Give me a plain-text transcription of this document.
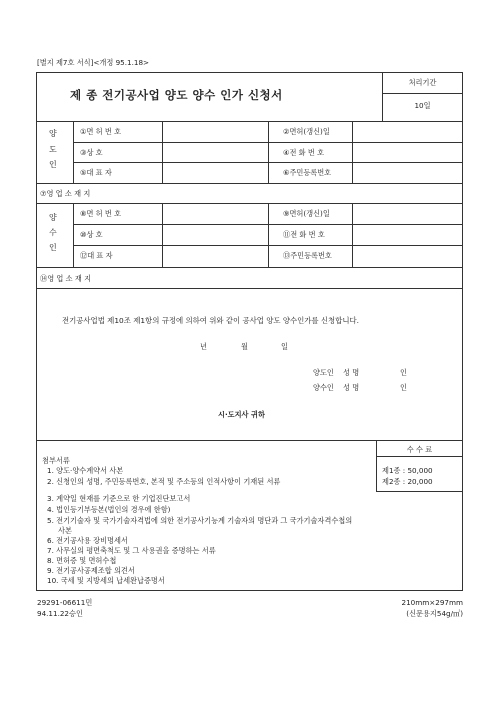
[별지 제7호 서식]<개정 95.1.18>
제 종 전기공사업 양도 양수 인가 신청서
처리기간
10일
양
도
인
①면 허 번 호	②면허(갱신)일
③상 호	④전 화 번 호
⑤대 표 자	⑥주민등록번호
⑦영 업 소 재 지
양
수
인
⑧면 허 번 호	⑨면허(갱신)일
⑩상 호	⑪전 화 번 호
⑫대 표 자	⑬주민등록번호
⑭영 업 소 재 지
전기공사업법 제10조 제1항의 규정에 의하여 위와 같이 공사업 양도 양수인가를 신청합니다.
년	월	일
양도인 성 명	인
양수인 성 명	인
시·도지사 귀하
수 수 료
제1종 : 50,000
제2종 : 20,000
첨부서류
1. 양도·양수계약서 사본
2. 신청인의 성명, 주민등록번호, 본적 및 주소등의 인적사항이 기재된 서류
3. 계약일 현재를 기준으로 한 기업진단보고서
4. 법인등기부등본(법인의 경우에 한함)
5. 전기기술자 및 국가기술자격법에 의한 전기공사기능계 기술자의 명단과 그 국가기술자격수첩의
사본
6. 전기공사용 장비명세서
7. 사무실의 평면축척도 및 그 사용권을 증명하는 서류
8. 면허증 및 면허수첩
9. 전기공사공제조합 의견서
10. 국세 및 지방세의 납세완납증명서
29291-06611민
94.11.22승인
210mm×297mm
(신문용지54g/㎡)
